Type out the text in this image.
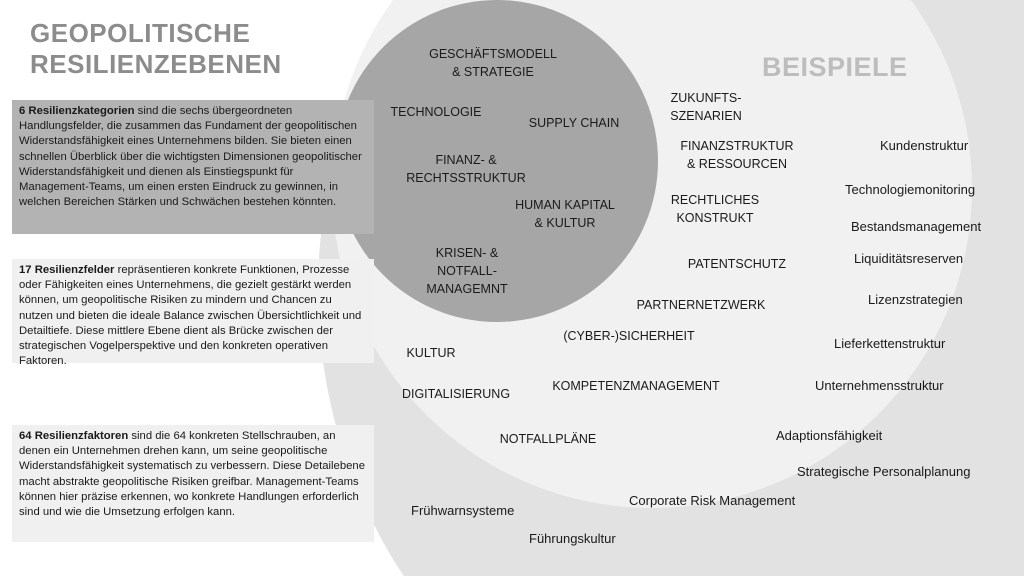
GEOPOLITISCHE
RESILIENZEBENEN	BEISPIELE
GESCHÄFTSMODELL
& STRATEGIE
TECHNOLOGIE
SUPPLY CHAIN
FINANZ- &
RECHTSSTRUKTUR
HUMAN KAPITAL
& KULTUR
KRISEN- &
NOTFALL-
MANAGEMNT
ZUKUNFTS-
SZENARIEN
FINANZSTRUKTUR
& RESSOURCEN
RECHTLICHES
KONSTRUKT
PATENTSCHUTZ
PARTNERNETZWERK
(CYBER-)SICHERHEIT
KULTUR
KOMPETENZMANAGEMENT
DIGITALISIERUNG
NOTFALLPLÄNE
Kundenstruktur
Technologiemonitoring
Bestandsmanagement
Liquiditätsreserven
Lizenzstrategien
Lieferkettenstruktur
Unternehmensstruktur
Adaptionsfähigkeit
Strategische Personalplanung
Corporate Risk Management
Frühwarnsysteme
Führungskultur
6 Resilienzkategorien sind die sechs übergeordneten Handlungsfelder, die zusammen das Fundament der geopolitischen Widerstandsfähigkeit eines Unternehmens bilden. Sie bieten einen schnellen Überblick über die wichtigsten Dimensionen geopolitischer Widerstandsfähigkeit und dienen als Einstiegspunkt für Management-Teams, um einen ersten Eindruck zu gewinnen, in welchen Bereichen Stärken und Schwächen bestehen könnten.
17 Resilienzfelder repräsentieren konkrete Funktionen, Prozesse oder Fähigkeiten eines Unternehmens, die gezielt gestärkt werden können, um geopolitische Risiken zu mindern und Chancen zu nutzen und bieten die ideale Balance zwischen Übersichtlichkeit und Detailtiefe. Diese mittlere Ebene dient als Brücke zwischen der strategischen Vogelperspektive und den konkreten operativen Faktoren.
64 Resilienzfaktoren sind die 64 konkreten Stellschrauben, an denen ein Unternehmen drehen kann, um seine geopolitische Widerstandsfähigkeit systematisch zu verbessern. Diese Detailebene macht abstrakte geopolitische Risiken greifbar. Management-Teams können hier präzise erkennen, wo konkrete Handlungen erforderlich sind und wie die Umsetzung erfolgen kann.
